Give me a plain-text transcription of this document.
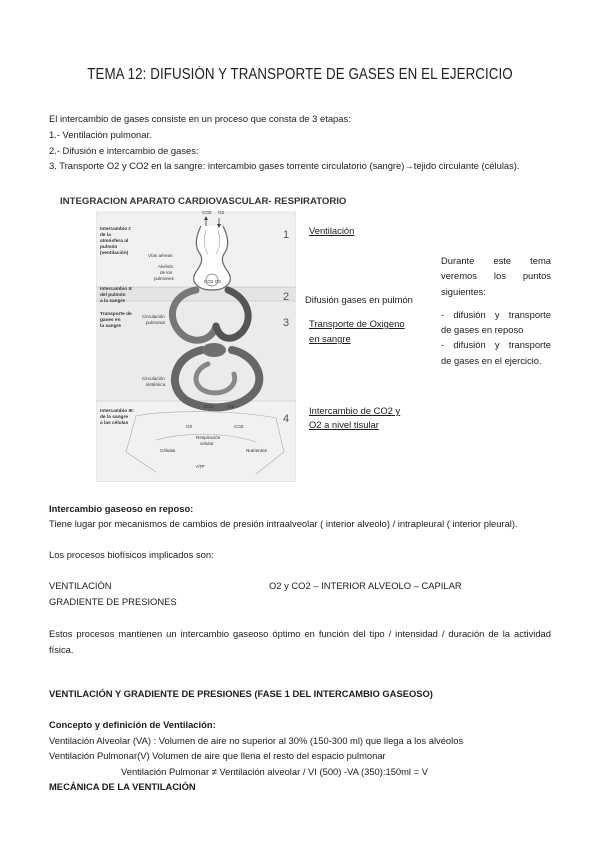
TEMA 12: DIFUSIÓN Y TRANSPORTE DE GASES EN EL EJERCICIO
El intercambio de gases consiste en un proceso que consta de 3 etapas:
1.- Ventilación pulmonar.
2.- Difusión e intercambio de gases:
3. Transporte O2 y CO2 en la sangre: intercambio gases torrente circulatorio (sangre)→tejido circulante (células).
INTEGRACION APARATO CARDIOVASCULAR- RESPIRATORIO
1
2
3
4
Intercambio I:
de la
atmósfera al
pulmón
(ventilación)
Intercambio II:
del pulmón
a la sangre
Transporte de
gases en
la sangre
Intercambio III:
de la sangre
a las células
CO2 O2
Vías aéreas
Alvéolo
de los
pulmones
CO2 O2
Circulación
pulmonar
Circulación
sistémica
CO2	O2
O2	CO2
Respiración
celular
Células	Nutrientes
ATP
Ventilación
Difusión gases en pulmón
Transporte de Oxigeno
en sangre
Intercambio de CO2 y
O2 a nivel tisular

Durante este tema

veremos los puntos

siguientes:

- difusión y transporte

de gases en reposo

- difusión y transporte

de gases en el ejercicio.

Intercambio gaseoso en reposo:
Tiene lugar por mecanismos de cambios de presión intraalveolar ( interior alveolo) / intrapleural ( interior pleural).
Los procesos biofísicos implicados son:
VENTILACIÓN	O2 y CO2 – INTERIOR ALVEOLO – CAPILAR
GRADIENTE DE PRESIONES
Estos procesos mantienen un intercambio gaseoso óptimo en función del tipo / intensidad / duración de la actividad física.
VENTILACIÓN Y GRADIENTE DE PRESIONES (FASE 1 DEL INTERCAMBIO GASEOSO)
Concepto y definición de Ventilación:
Ventilación Alveolar (VA) : Volumen de aire no superior al 30% (150-300 ml) que llega a los alvéolos
Ventilación Pulmonar(V) Volumen de aire que llena el resto del espacio pulmonar
Ventilación Pulmonar ≠ Ventilación alveolar / VI (500) -VA (350):150ml = V
MECÁNICA DE LA VENTILACIÓN
